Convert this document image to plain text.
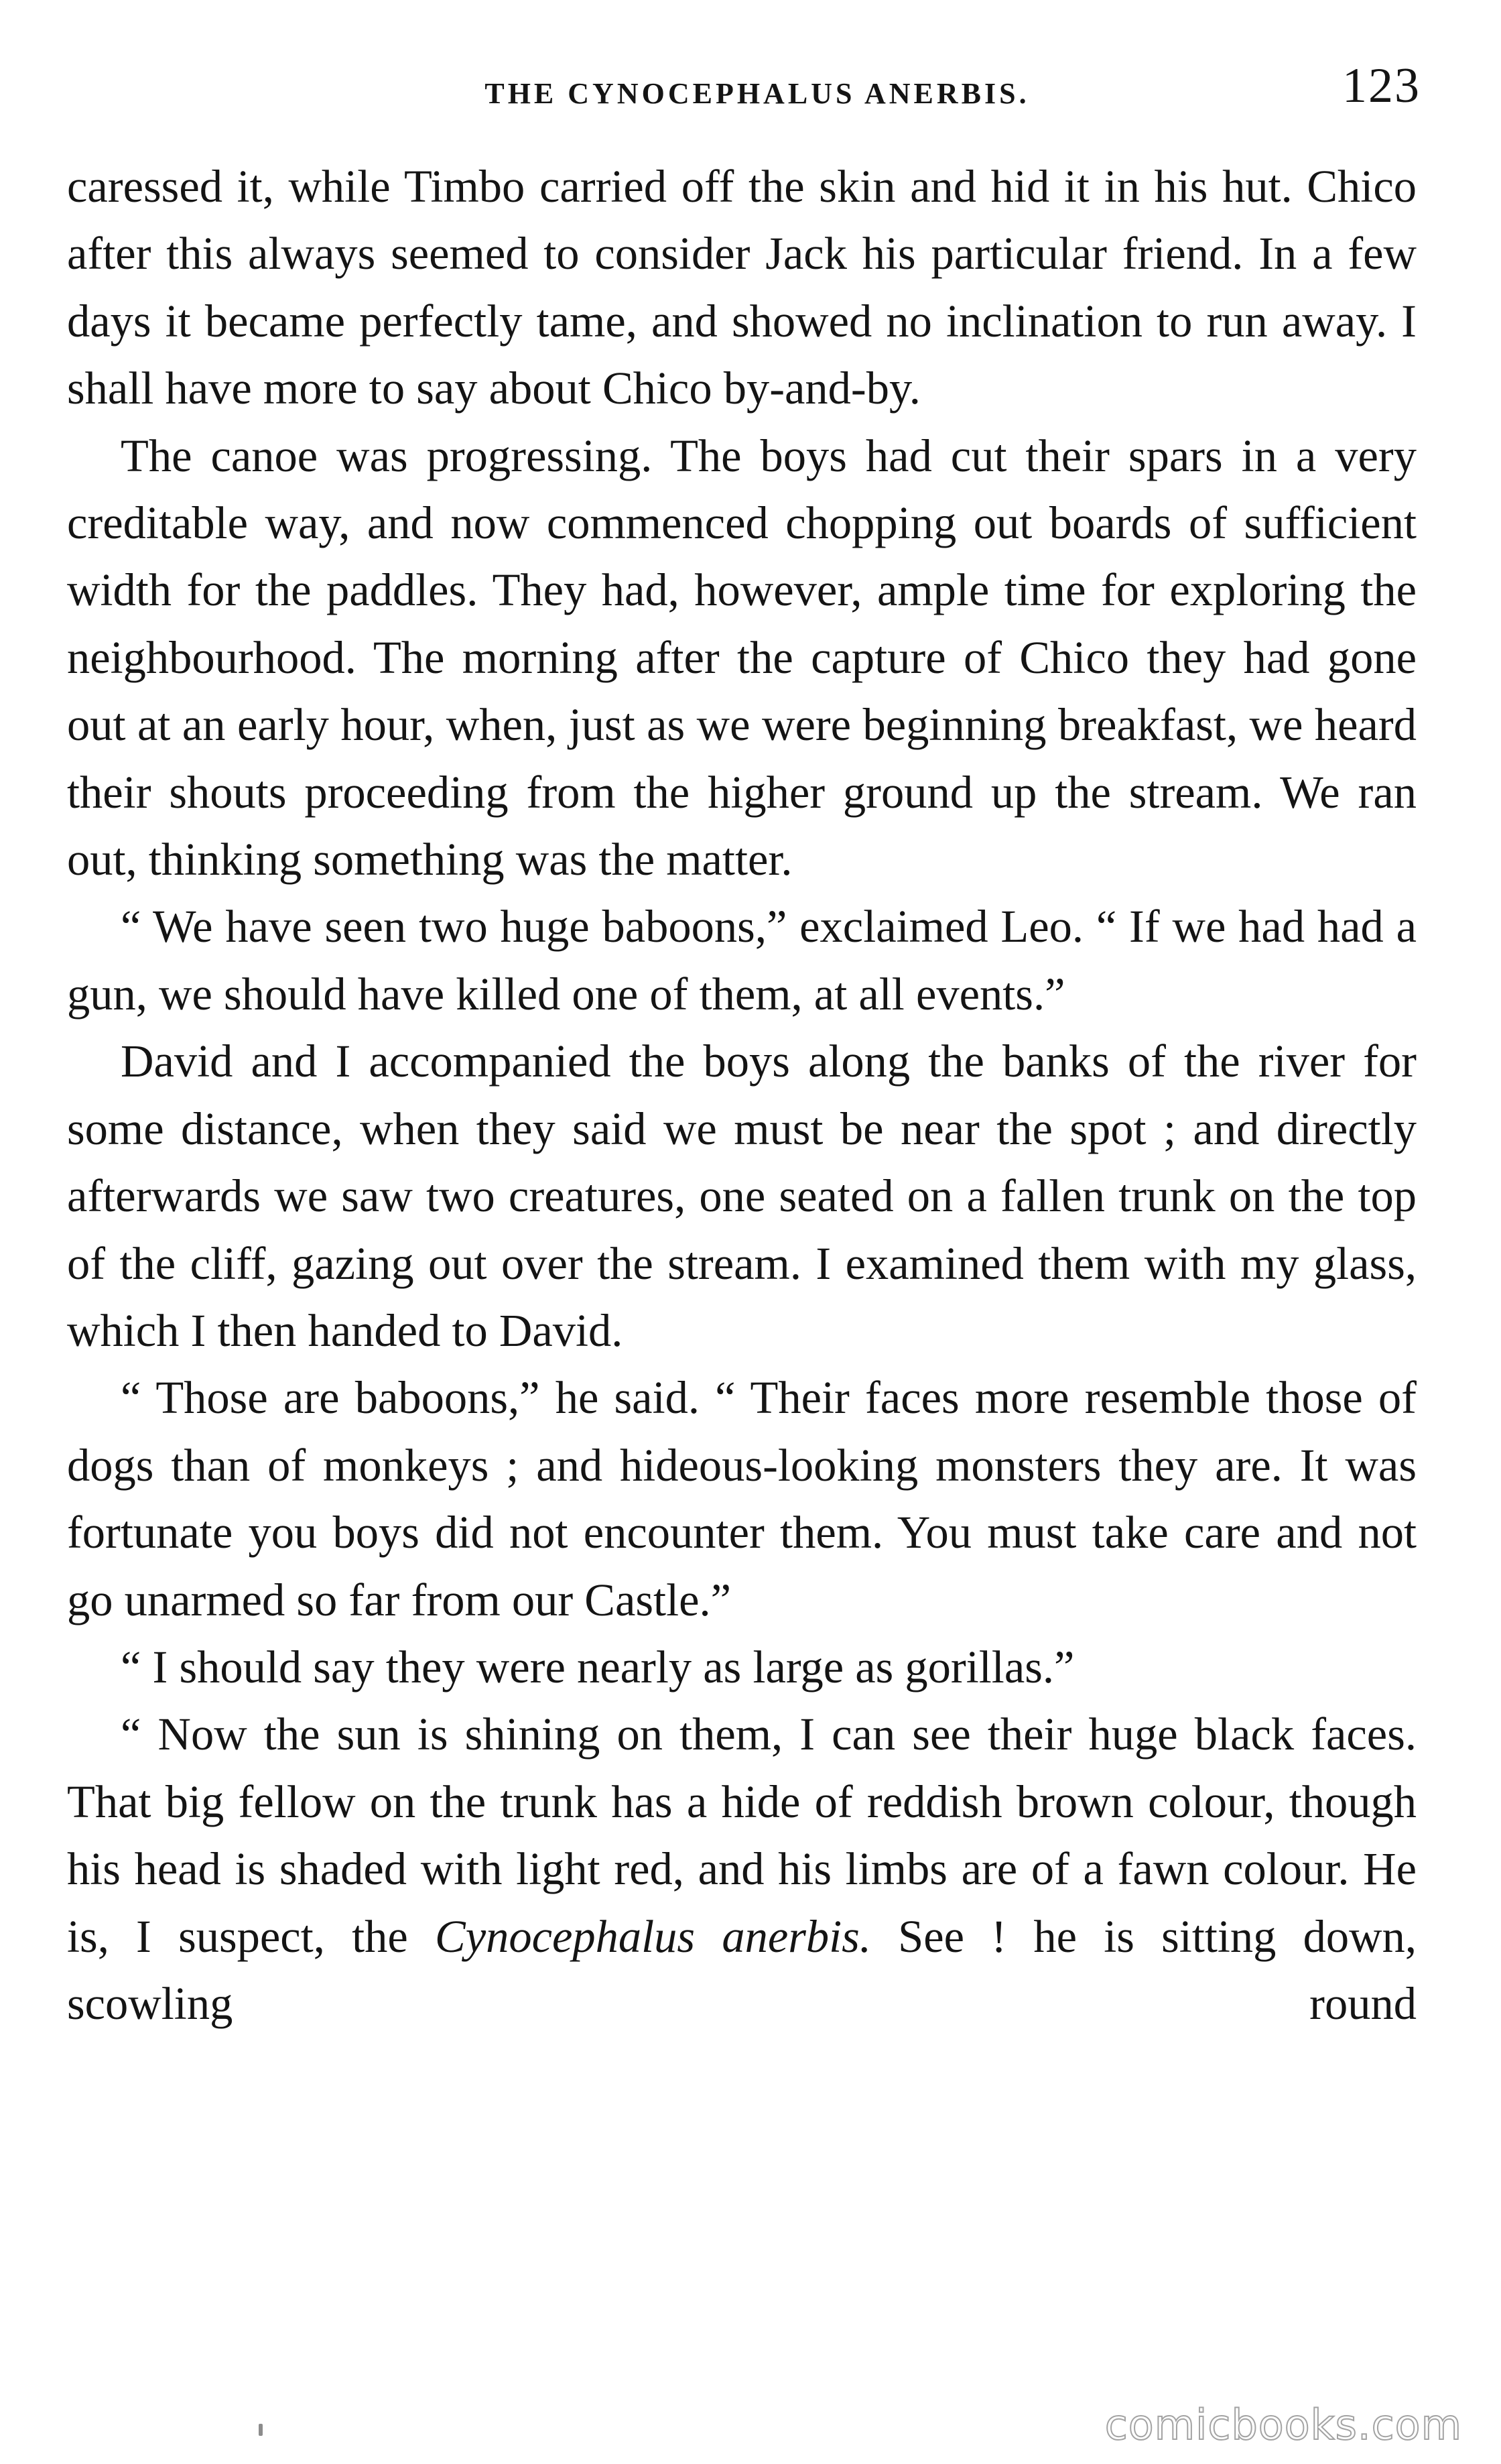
THE CYNOCEPHALUS ANERBIS.	123

caressed it, while Timbo carried off the skin and hid it in his hut. Chico after this always seemed to consider Jack his particular friend. In a few days it became perfectly tame, and showed no inclination to run away. I shall have more to say about Chico by-and-by.

The canoe was progressing. The boys had cut their spars in a very creditable way, and now commenced chopping out boards of sufficient width for the paddles. They had, however, ample time for exploring the neighbourhood. The morning after the capture of Chico they had gone out at an early hour, when, just as we were beginning breakfast, we heard their shouts proceeding from the higher ground up the stream. We ran out, thinking something was the matter.

“ We have seen two huge baboons,” exclaimed Leo. “ If we had had a gun, we should have killed one of them, at all events.”

David and I accompanied the boys along the banks of the river for some distance, when they said we must be near the spot ; and directly afterwards we saw two creatures, one seated on a fallen trunk on the top of the cliff, gazing out over the stream. I examined them with my glass, which I then handed to David.

“ Those are baboons,” he said. “ Their faces more resemble those of dogs than of monkeys ; and hideous-looking monsters they are. It was fortunate you boys did not encounter them. You must take care and not go unarmed so far from our Castle.”

“ I should say they were nearly as large as gorillas.”

“ Now the sun is shining on them, I can see their huge black faces. That big fellow on the trunk has a hide of reddish brown colour, though his head is shaded with light red, and his limbs are of a fawn colour. He is, I suspect, the Cynocephalus anerbis. See ! he is sitting down, scowling round

comicbooks.com
